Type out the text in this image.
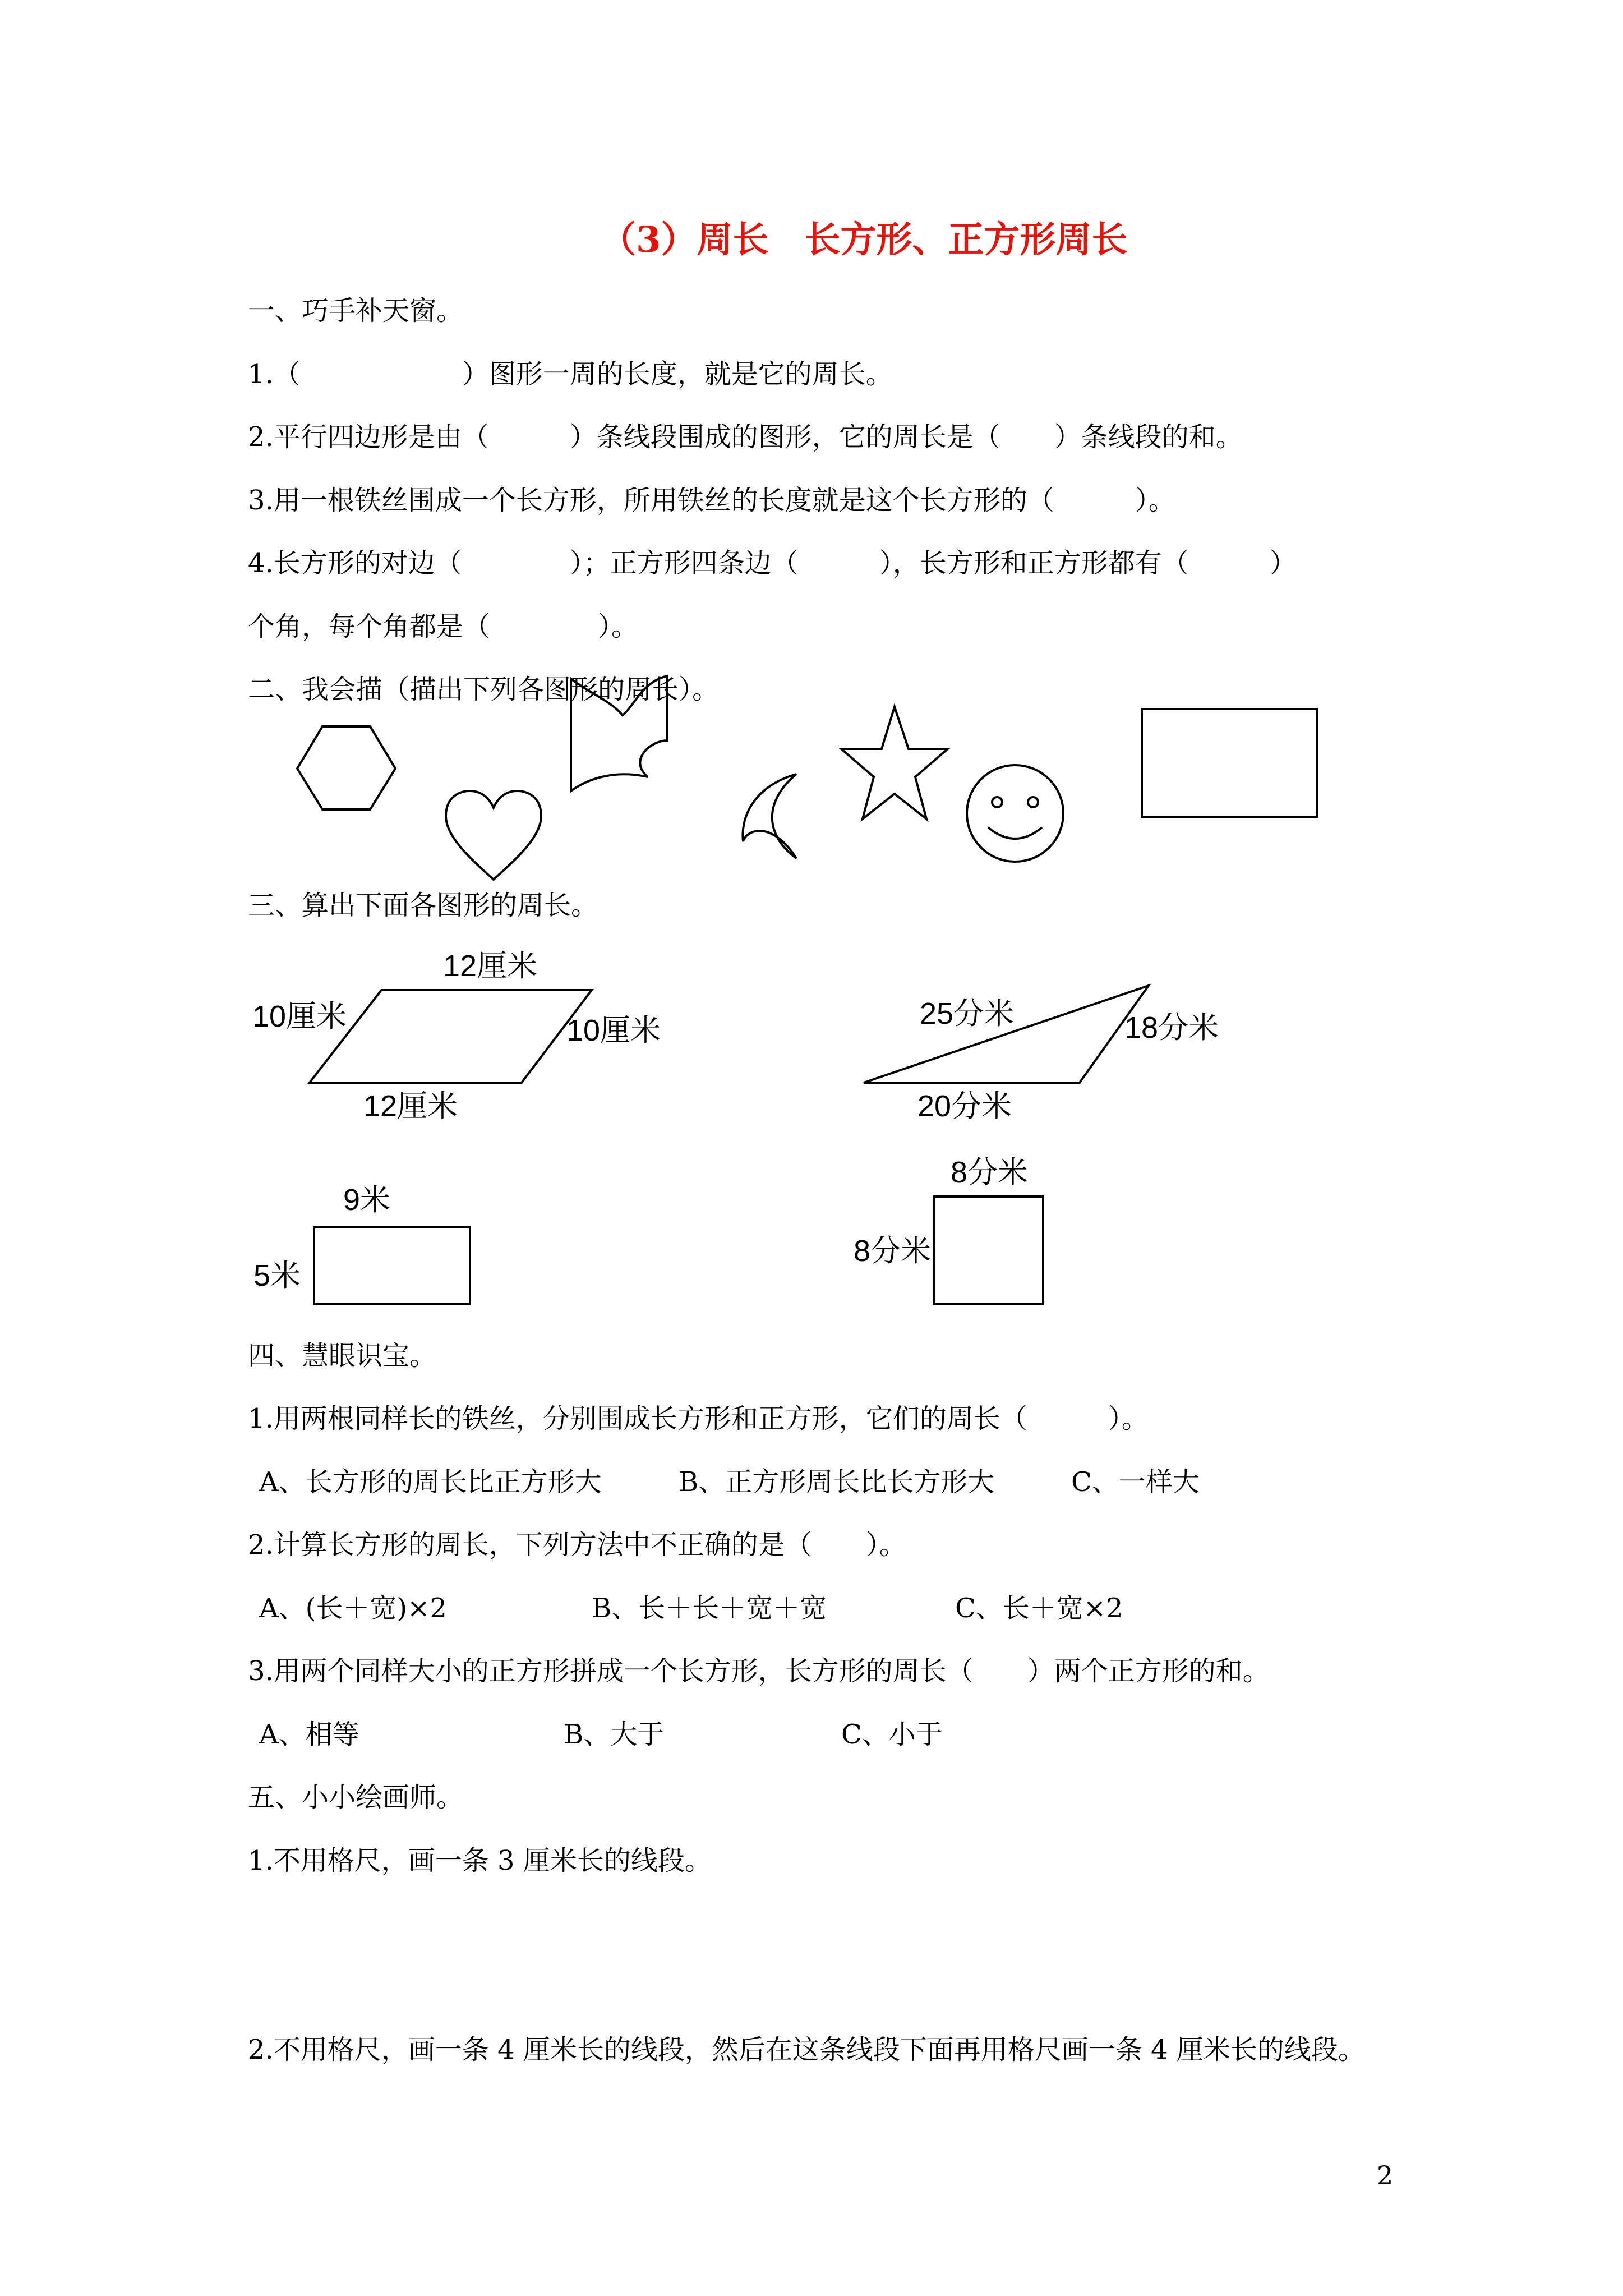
（3）周长　长方形、正方形周长
一、巧手补天窗。
1.（　　　　　　）图形一周的长度，就是它的周长。
2.平行四边形是由（　　　）条线段围成的图形，它的周长是（　　）条线段的和。
3.用一根铁丝围成一个长方形，所用铁丝的长度就是这个长方形的（　　　）。
4.长方形的对边（　　　　）；正方形四条边（　　　），长方形和正方形都有（　　　）
个角，每个角都是（　　　　）。
二、我会描（描出下列各图形的周长）。
三、算出下面各图形的周长。
12厘米
10厘米	10厘米
12厘米
25分米	18分米
20分米
9米
5米
8分米
8分米
四、慧眼识宝。
1.用两根同样长的铁丝，分别围成长方形和正方形，它们的周长（　　　）。
A、长方形的周长比正方形大	B、正方形周长比长方形大	C、一样大
2.计算长方形的周长，下列方法中不正确的是（　　）。
A、(长＋宽)×2	B、长＋长＋宽＋宽	C、长＋宽×2
3.用两个同样大小的正方形拼成一个长方形，长方形的周长（　　）两个正方形的和。
A、相等	B、大于	C、小于
五、小小绘画师。
1.不用格尺，画一条 3 厘米长的线段。
2.不用格尺，画一条 4 厘米长的线段，然后在这条线段下面再用格尺画一条 4 厘米长的线段。
2
